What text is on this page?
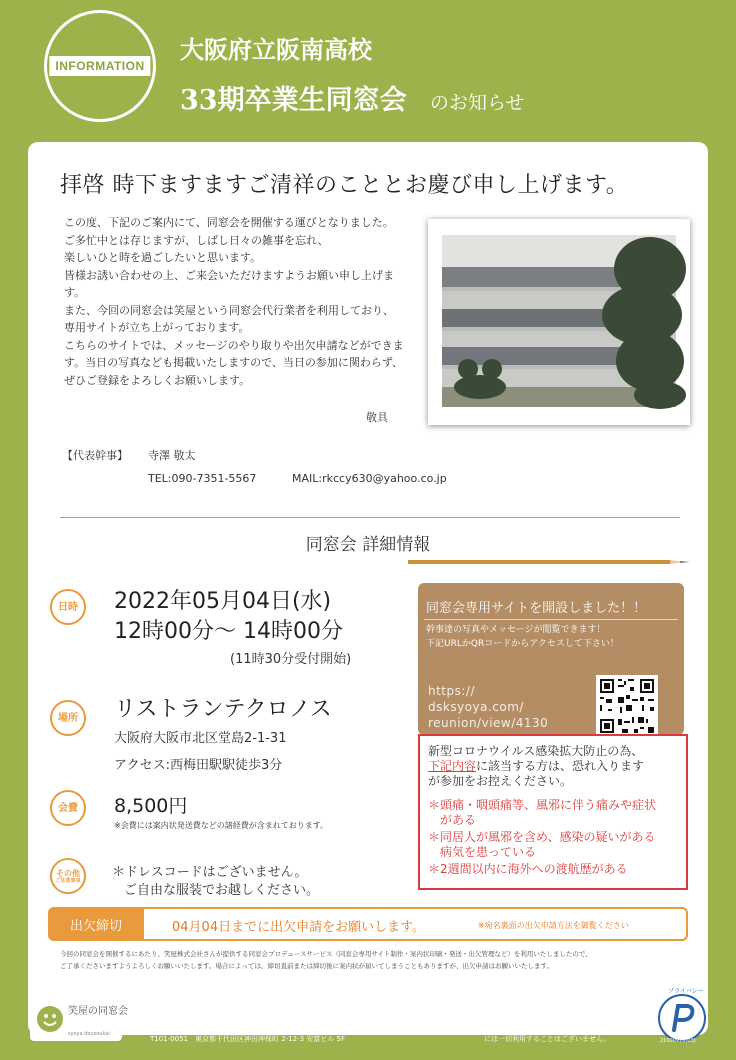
INFORMATION
大阪府立阪南高校
33期卒業生同窓会 のお知らせ
拝啓 時下ますますご清祥のこととお慶び申し上げます。

この度、下記のご案内にて、同窓会を開催する運びとなりました。

ご多忙中とは存じますが、しばし日々の雑事を忘れ、
楽しいひと時を過ごしたいと思います。

皆様お誘い合わせの上、ご来会いただけますようお願い申し上げます。

また、今回の同窓会は笑屋という同窓会代行業者を利用しており、専用サイトが立ち上がっております。

こちらのサイトでは、メッセージのやり取りや出欠申請などができます。当日の写真なども掲載いたしますので、当日の参加に関わらず、ぜひご登録をよろしくお願いします。

敬具
【代表幹事】 寺澤 敬太
TEL:090-7351-5567	MAIL:rkccy630@yahoo.co.jp
同窓会 詳細情報
日時	2022年05月04日(水)
12時00分～ 14時00分
(11時30分受付開始)
場所	リストランテクロノス
大阪府大阪市北区堂島2-1-31
アクセス:西梅田駅駅徒歩3分
会費	8,500円
※会費には案内状発送費などの諸経費が含まれております。
その他
ご注意事項
＊ドレスコードはございません。
ご自由な服装でお越しください。
同窓会専用サイトを開設しました！！
幹事達の写真やメッセージが閲覧できます！
下記URLかQRコードからアクセスして下さい！
https://
dsksyoya.com/
reunion/view/4130
新型コロナウイルス感染拡大防止の為、
下記内容に該当する方は、恐れ入ります
が参加をお控えください。
＊頭痛・咽頭痛等、風邪に伴う痛みや症状
　がある
＊同居人が風邪を含め、感染の疑いがある
　病気を患っている
＊2週間以内に海外への渡航歴がある
出欠締切	04月04日までに出欠申請をお願いします。	※宛名裏面の出欠申請方法を御覧ください
今回の同窓会を開催するにあたり、笑屋株式会社さんが提供する同窓会プロデュースサービス（同窓会専用サイト制作・案内状印刷・発送・出欠管理など）を利用いたしましたので、
ご了承くださいますようよろしくお願いいたします。場合によっては、締切直前または締切後に案内状が届いてしまうこともありますが、出欠申請はお願いいたします。
日本最大級の同窓会幹事支援サービス
笑屋の同窓会
syoya dousoukai
運営会社　笑屋株式会社
TEL：03-3262-7977　mail：info@syoya.com
T101-0051　東京都千代田区神田神保町 2-12-3 安富ビル 5F
※笑屋株式会社はプライバシーマーク取得企業
です。皆様の個人情報は同窓会開催以外の目的
には一切利用することはございません。
プライバシー
21000916(03)
